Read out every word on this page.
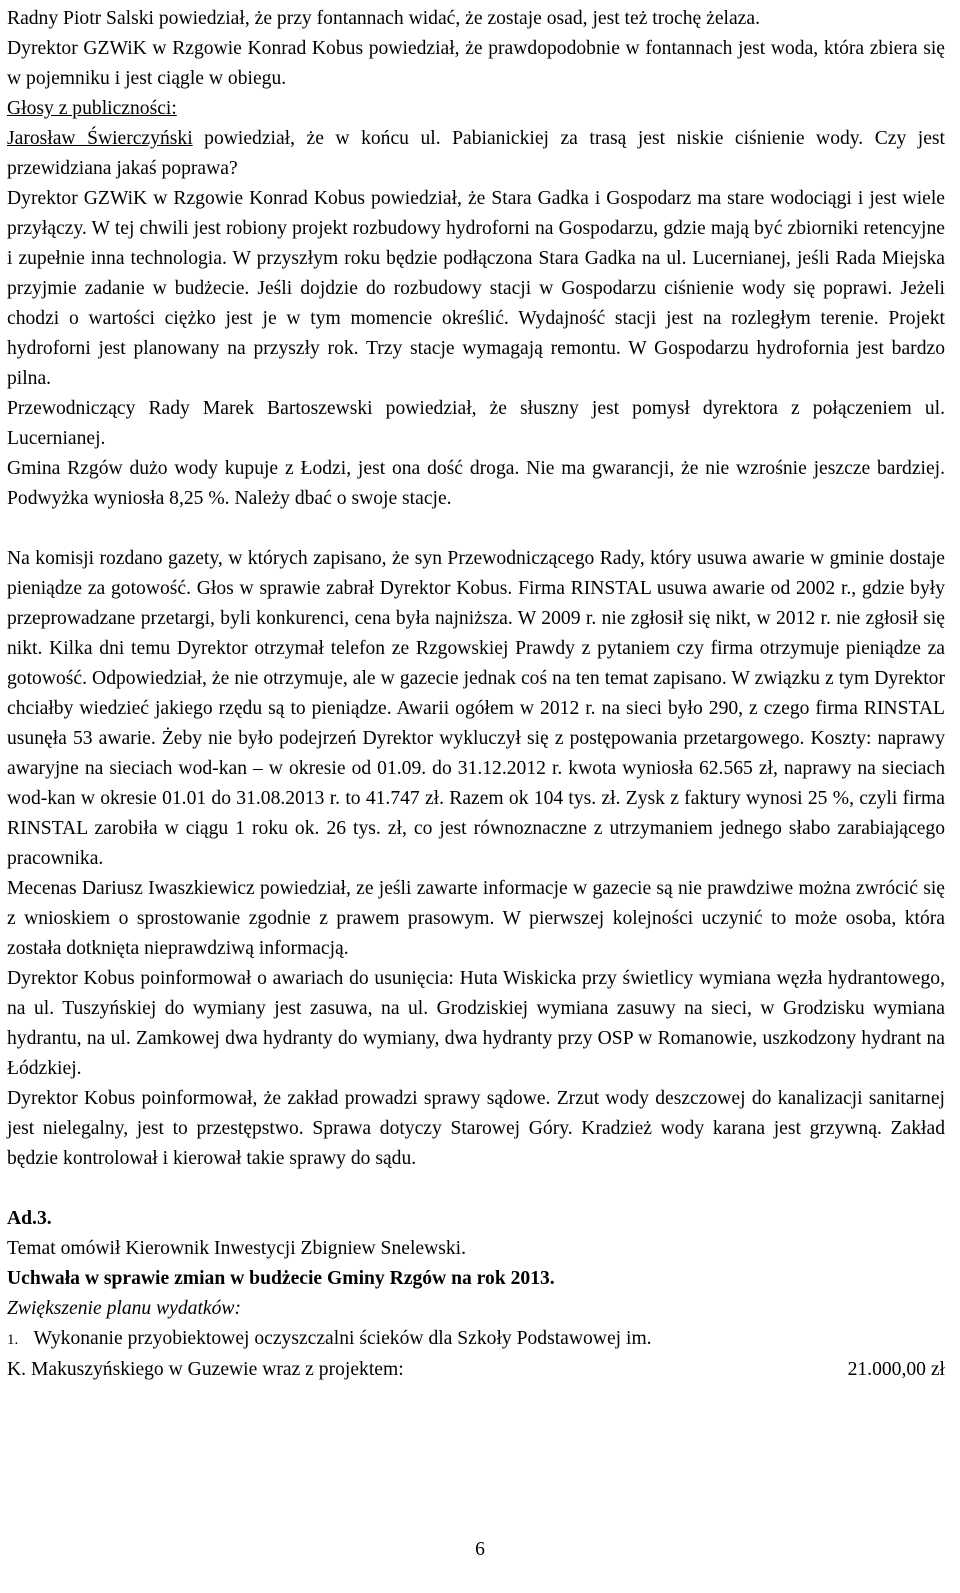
Radny Piotr Salski powiedział, że przy fontannach widać, że zostaje osad, jest też trochę żelaza.

Dyrektor GZWiK w Rzgowie Konrad Kobus powiedział, że prawdopodobnie w fontannach jest woda, która zbiera się w pojemniku i jest ciągle w obiegu.

Głosy z publiczności:

Jarosław Świerczyński powiedział, że w końcu ul. Pabianickiej za trasą jest niskie ciśnienie wody. Czy jest przewidziana jakaś poprawa?

Dyrektor GZWiK w Rzgowie Konrad Kobus powiedział, że Stara Gadka i Gospodarz ma stare wodociągi i jest wiele przyłączy. W tej chwili jest robiony projekt rozbudowy hydroforni na Gospodarzu, gdzie mają być zbiorniki retencyjne i zupełnie inna technologia. W przyszłym roku będzie podłączona Stara Gadka na ul. Lucernianej, jeśli Rada Miejska przyjmie zadanie w budżecie. Jeśli dojdzie do rozbudowy stacji w Gospodarzu ciśnienie wody się poprawi. Jeżeli chodzi o wartości ciężko jest je w tym momencie określić. Wydajność stacji jest na rozległym terenie. Projekt hydroforni jest planowany na przyszły rok. Trzy stacje wymagają remontu. W Gospodarzu hydrofornia jest bardzo pilna.

Przewodniczący Rady Marek Bartoszewski powiedział, że słuszny jest pomysł dyrektora z połączeniem ul. Lucernianej.

Gmina Rzgów dużo wody kupuje z Łodzi, jest ona dość droga. Nie ma gwarancji, że nie wzrośnie jeszcze bardziej. Podwyżka wyniosła 8,25 %. Należy dbać o swoje stacje.

Na komisji rozdano gazety, w których zapisano, że syn Przewodniczącego Rady, który usuwa awarie w gminie dostaje pieniądze za gotowość. Głos w sprawie zabrał Dyrektor Kobus. Firma RINSTAL usuwa awarie od 2002 r., gdzie były przeprowadzane przetargi, byli konkurenci, cena była najniższa. W 2009 r. nie zgłosił się nikt, w 2012 r. nie zgłosił się nikt. Kilka dni temu Dyrektor otrzymał telefon ze Rzgowskiej Prawdy z pytaniem czy firma otrzymuje pieniądze za gotowość. Odpowiedział, że nie otrzymuje, ale w gazecie jednak coś na ten temat zapisano. W związku z tym Dyrektor chciałby wiedzieć jakiego rzędu są to pieniądze. Awarii ogółem w 2012 r. na sieci było 290, z czego firma RINSTAL usunęła 53 awarie. Żeby nie było podejrzeń Dyrektor wykluczył się z postępowania przetargowego. Koszty: naprawy awaryjne na sieciach wod-kan – w okresie od 01.09. do 31.12.2012 r. kwota wyniosła 62.565 zł, naprawy na sieciach wod-kan w okresie 01.01 do 31.08.2013 r. to 41.747 zł. Razem ok 104 tys. zł. Zysk z faktury wynosi 25 %, czyli firma RINSTAL zarobiła w ciągu 1 roku ok. 26 tys. zł, co jest równoznaczne z utrzymaniem jednego słabo zarabiającego pracownika.

Mecenas Dariusz Iwaszkiewicz powiedział, ze jeśli zawarte informacje w gazecie są nie prawdziwe można zwrócić się z wnioskiem o sprostowanie zgodnie z prawem prasowym. W pierwszej kolejności uczynić to może osoba, która została dotknięta nieprawdziwą informacją.

Dyrektor Kobus poinformował o awariach do usunięcia: Huta Wiskicka przy świetlicy wymiana węzła hydrantowego, na ul. Tuszyńskiej do wymiany jest zasuwa, na ul. Grodziskiej wymiana zasuwy na sieci, w Grodzisku wymiana hydrantu, na ul. Zamkowej dwa hydranty do wymiany, dwa hydranty przy OSP w Romanowie, uszkodzony hydrant na Łódzkiej.

Dyrektor Kobus poinformował, że zakład prowadzi sprawy sądowe. Zrzut wody deszczowej do kanalizacji sanitarnej jest nielegalny, jest to przestępstwo. Sprawa dotyczy Starowej Góry. Kradzież wody karana jest grzywną. Zakład będzie kontrolował i kierował takie sprawy do sądu.

Ad.3.

Temat omówił Kierownik Inwestycji Zbigniew Snelewski.

Uchwała w sprawie zmian w budżecie Gminy Rzgów na rok 2013.

Zwiększenie planu wydatków:

1. Wykonanie przyobiektowej oczyszczalni ścieków dla Szkoły Podstawowej im.

K. Makuszyńskiego w Guzewie wraz z projektem:	21.000,00 zł
6
